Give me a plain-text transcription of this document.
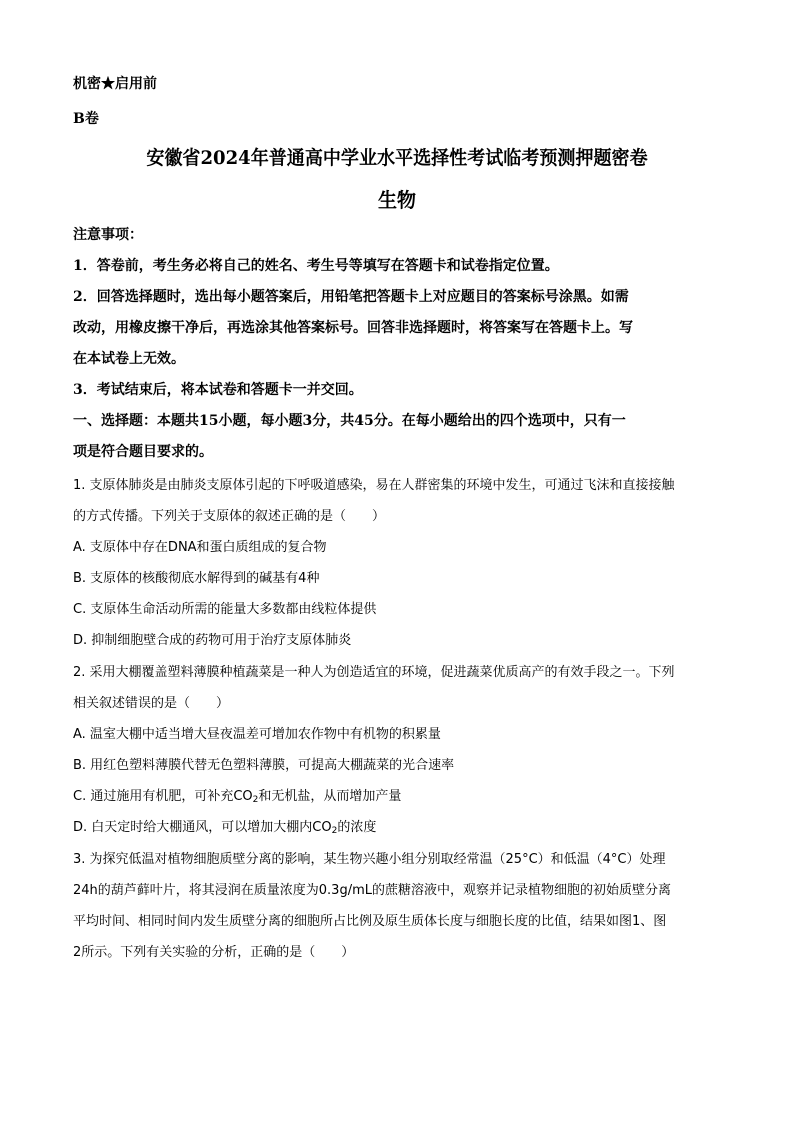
机密★启用前
B卷
安徽省2024年普通高中学业水平选择性考试临考预测押题密卷
生物
注意事项：
1．答卷前，考生务必将自己的姓名、考生号等填写在答题卡和试卷指定位置。
2．回答选择题时，选出每小题答案后，用铅笔把答题卡上对应题目的答案标号涂黑。如需
改动，用橡皮擦干净后，再选涂其他答案标号。回答非选择题时，将答案写在答题卡上。写
在本试卷上无效。
3．考试结束后，将本试卷和答题卡一并交回。
一、选择题：本题共15小题，每小题3分，共45分。在每小题给出的四个选项中，只有一
项是符合题目要求的。
1. 支原体肺炎是由肺炎支原体引起的下呼吸道感染，易在人群密集的环境中发生，可通过飞沫和直接接触
的方式传播。下列关于支原体的叙述正确的是（　　）
A. 支原体中存在DNA和蛋白质组成的复合物
B. 支原体的核酸彻底水解得到的碱基有4种
C. 支原体生命活动所需的能量大多数都由线粒体提供
D. 抑制细胞壁合成的药物可用于治疗支原体肺炎
2. 采用大棚覆盖塑料薄膜种植蔬菜是一种人为创造适宜的环境，促进蔬菜优质高产的有效手段之一。下列
相关叙述错误的是（　　）
A. 温室大棚中适当增大昼夜温差可增加农作物中有机物的积累量
B. 用红色塑料薄膜代替无色塑料薄膜，可提高大棚蔬菜的光合速率
C. 通过施用有机肥，可补充$CO_2$和无机盐，从而增加产量
D. 白天定时给大棚通风，可以增加大棚内$CO_2$的浓度
3. 为探究低温对植物细胞质壁分离的影响，某生物兴趣小组分别取经常温（25°C）和低温（4°C）处理
24h的葫芦藓叶片，将其浸润在质量浓度为0.3g/mL的蔗糖溶液中，观察并记录植物细胞的初始质壁分离
平均时间、相同时间内发生质壁分离的细胞所占比例及原生质体长度与细胞长度的比值，结果如图1、图
2所示。下列有关实验的分析，正确的是（　　）
